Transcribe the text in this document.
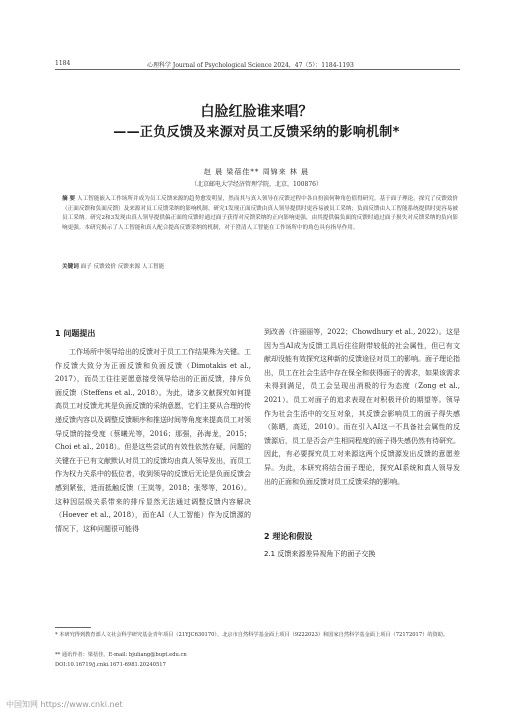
1184	心理科学 Journal of Psychological Science 2024，47（5）：1184-1193
白脸红脸谁来唱？
——正负反馈及来源对员工反馈采纳的影响机制*
赵 晨 梁蓓佳** 周锦来 林 晨
（北京邮电大学经济管理学院，北京，100876）
摘 要 人工智能嵌入工作场所并成为员工反馈来源的趋势愈发明显，然而其与真人领导在反馈过程中各自扮演何种角色值得研究。基于面子理论，探究了反馈效价（正面反馈和负面反馈）及来源对员工反馈采纳的影响机制。研究1发现正面反馈由真人领导提供时更容易被员工采纳；负面反馈由人工智能系统提供时更容易被员工采纳。研究2和3发现由真人领导提供偏正面的反馈时通过面子获得对反馈采纳的正向影响更强，由其提供偏负面的反馈时通过面子损失对反馈采纳的负向影响更强。本研究揭示了人工智能和真人配合提高反馈采纳的机制，对于澄清人工智能在工作场所中的角色具有指导作用。
关键词 面子 反馈效价 反馈来源 人工智能
1 问题提出
工作场所中领导给出的反馈对于员工工作结果殊为关键。工作反馈大致分为正面反馈和负面反馈（Dimotakis et al., 2017），而员工往往更愿意接受领导给出的正面反馈，排斥负面反馈（Steffens et al., 2018）。为此，诸多文献探究如何提高员工对反馈尤其是负面反馈的采纳意愿，它们主要从合理的传递反馈内容以及调整反馈顺序和推送时间等角度来提高员工对领导反馈的接受度（蔡曦光等，2016；那强，孙海龙，2015；Choi et al., 2018）。但是这些尝试的有效性依然存疑，问题的关键在于已有文献默认对员工的反馈均由真人领导发出，而员工作为权力关系中的低位者，收到领导的反馈后无论是负面反馈会感到紧张，进而抵触反馈（王岚等，2018；张琴等，2016）。这种因层级关系带来的排斥显然无法通过调整反馈内容解决（Hoever et al., 2018），而在AI（人工智能）作为反馈源的情况下，这种问题很可能得
到改善（许丽丽等，2022；Chowdhury et al., 2022）。这是因为当AI成为反馈工具后往往附带较低的社会属性，但已有文献却没能有效探究这种新的反馈途径对员工的影响。面子理论指出，员工在社会生活中存在保全和获得面子的需求，如果该需求未得到满足，员工会呈现出消极的行为态度（Zong et al., 2021）。员工对面子的追求表现在对积极评价的期望等。领导作为社会生活中的交互对象，其反馈会影响员工的面子得失感（陈晒，高廷，2010）。而在引入AI这一不具备社会属性的反馈源后，员工是否会产生相同程度的面子得失感仍然有待研究。因此，有必要探究员工对来源这两个反馈源发出反馈的意愿差异。为此，本研究将结合面子理论，探究AI系统和真人领导发出的正面和负面反馈对员工反馈采纳的影响。
2 理论和假设
2.1 反馈来源差异视角下的面子交换
* 本研究得到教育部人文社会科学研究基金青年项目（21YJC630170）、北京市自然科学基金面上项目（9222023）和国家自然科学基金面上项目（72172017）的资助。
** 通讯作者：梁蓓佳。E-mail: bjuliang@bupt.edu.cn
DOI:10.16719/j.cnki.1671-6981.20240517
中国知网 https://www.cnki.net
